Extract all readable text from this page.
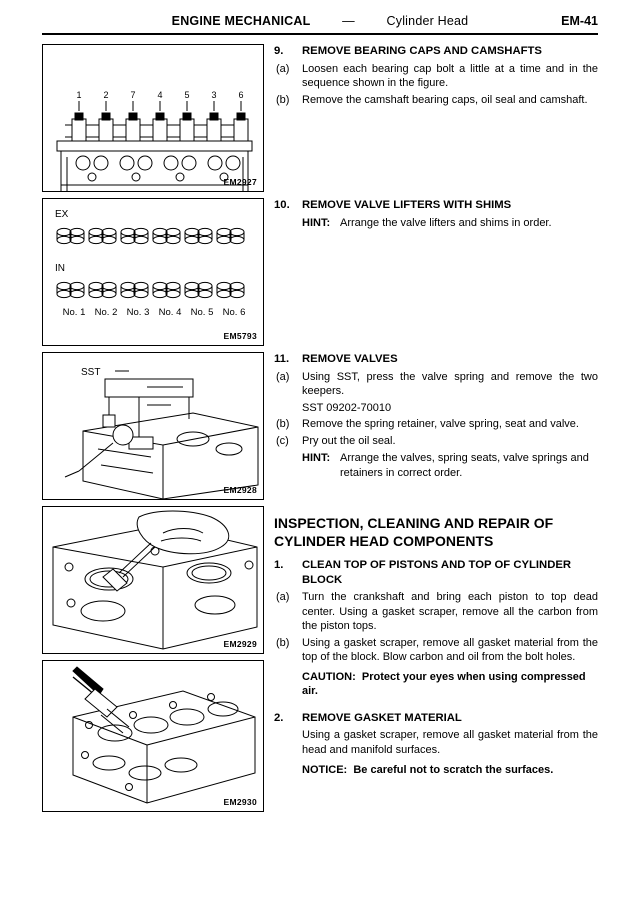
ENGINE MECHANICAL — Cylinder Head	EM-41
1 2 7 4 5 3 6
EM2927
EX
IN
No. 1 No. 2 No. 3 No. 4 No. 5 No. 6
EM5793
SST
EM2928
EM2929
EM2930
9.	REMOVE BEARING CAPS AND CAMSHAFTS
(a)	Loosen each bearing cap bolt a little at a time and in the sequence shown in the figure.
(b)	Remove the camshaft bearing caps, oil seal and camshaft.
10.	REMOVE VALVE LIFTERS WITH SHIMS
HINT: Arrange the valve lifters and shims in order.
11.	REMOVE VALVES
(a)	Using SST, press the valve spring and remove the two keepers.
SST 09202-70010
(b)	Remove the spring retainer, valve spring, seat and valve.
(c)	Pry out the oil seal.
HINT: Arrange the valves, spring seats, valve springs and retainers in correct order.
INSPECTION, CLEANING AND REPAIR OF CYLINDER HEAD COMPONENTS
1.	CLEAN TOP OF PISTONS AND TOP OF CYLINDER BLOCK
(a)	Turn the crankshaft and bring each piston to top dead center. Using a gasket scraper, remove all the carbon from the piston tops.
(b)	Using a gasket scraper, remove all gasket material from the top of the block. Blow carbon and oil from the bolt holes.
CAUTION: Protect your eyes when using compressed air.
2.	REMOVE GASKET MATERIAL
Using a gasket scraper, remove all gasket material from the head and manifold surfaces.
NOTICE: Be careful not to scratch the surfaces.
